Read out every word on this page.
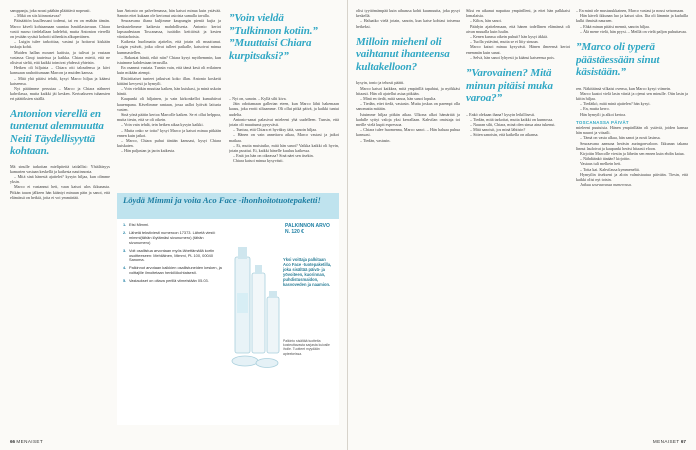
samppanja, joka nousi päähän pläättävä nopeasti.

– Mikä on siis kiinnostavaa?

Pääsäätiön kuullessani todensi, tai en on enähän tämän. Marco käveli kohtaamaan suuntaa Ismitilastuvuun. Chiara vastti marso tiedelallaan ladelehti, mutta Antonion vierellä on jestään sysäsä kohotti siihenkin alkuperäinen.

– Luigin tulee tarkoittaa, vastasi ja hoitavat kiskään tuskaja kohti.

Muiden hallan mouset kaitista, ja tulivat ja vastaan vastassa Cinqi tauteissa ja kaikka. Chiara mietti, että ne olisivat sieltä, että kaikki toimivat yhdessä yhteisin.

Hetken oli hiljaista – Chiara otti taloudensa ja kävi kanssaan rauhoittumaan Marcon ja muiden kanssa.

– Mitä yhä pitäisi tehdä, kysyi Marco hiljaa ja käänsi katseensa.

Nyt päätimme perustaa – Marco ja Chiara nähneet kahvilassa, mutta kaikki jäi kesken. Kertoakseen tuhansien eri päätöksien sisällä.

Antonion vierellä en tuntenut alemmuutta Neiti Täydellisyyttä kohtaan.

Mä sinulle tarkoitan mielipiteitä taidallisi: Yhtäläisyys kamarien vastaan keskellä ja kaikesta nautinnosta.

– Mitä sinä hänestä ajattelet? kysyin hiljaa, kun olimme yksin.

Marco ei vastannut heti, vaan katsoi ulos ikkunasta. Pitkän tauon jälkeen hän kääntyi minuun päin ja sanoi, että elämässä on hetkiä, joita ei voi ymmärtää.

kun Antonio on palvelemassa, hän katsoi minua kuin ystävää. Sanoin ettei kukaan ole kertonut asioista samalla tavalla.

Seuraavana iltana kuljimme kaupungin pieniä kujia ja keskustelimme kaikesta mahdollisesta. Antonio kertoi lapsuudestaan Toscanassa, isoäidin keittiöstä ja kesien viinitarhoista.

Kaikesta huolimatta ajattelin, että jotain oli muuttunut. Luigin ystävät, jotka olivat tulleet paikalle, katsoivat minua kummastellen.

– Rakastat häntä, eikö niin? Chiara kysyi myöhemmin, kun istuimme kahdestaan terassilla.

En osannut vastata. Tunsin vain, että tämä kesä oli erilainen kuin mikään aiempi.

Ristiriitaiset tunteet jatkuivat koko illan. Antonio kosketti kättäni kevyesti ja hymyili.

– Voin vieläkin muuttaa kaiken, hän kuiskasi, ja minä uskoin häntä.

Kaupunki oli hiljainen, ja vain kirkonkellot kumahtivat kauempana. Kävelimme rantaan, jossa aallot lyöivät laituria vasten.

Sinä yönä päätin kertoa Marcolle kaiken. Se ei ollut helppoa, mutta tiesin, että se oli oikein.

– Voin vain tehdä, tein hetken aikaa kysyin kaikki.

– Mutta onko se totta? kysyi Marco ja katsoi minua pitkään ennen kuin jatkoi.

– Marco, Chiara puhui tänään kanssasi, kysyi Chiara kuiskaten.

– Hän paljastan ja jaoin kaikesta.

”Voin vieldä ”Tulkinnon kotiin.” ”Muuttaisi Chiara kurpitsaksi?”

– Nyt on, sanoin. – Kyllä silti kiva.

Jäin odottamaan gallerian eteen, kun Marco lähti hakemaan kaasu, joka erotti siltaamme. Oli ollut pitkä päivä, ja kaikki tuntui uudelta.

Antonio-sanat palasivat mieleeni yhä uudelleen. Tunsin, että jotain oli muuttunut pysyvästi.

– Tuntuu, että Chiara ei hyväksy tätä, sanoin hiljaa.

– Hänen on vain annettava aikaa, Marco vastasi ja jatkoi matkaa.

– Ei, mutta muistutko, mitä hän sanoi? Vaikka kaikki oli hyvin, jotain puuttui. Ei, kaikki hänelle kuuluu kaikessa.

– Entä jos hän on oikeassa? Sinä näet sen itsekin.

Chiara katsoi minua kysyvästi.

Löydä Mimmi ja voita Aco Face -ihonhoitotuotepaketti!
1. Etsi Mimmi.
2. Lähetä tekstiviesti numeroon 17373. Lähetä viesti: mimmi(tähän löytämäsi sivunumero) (tähän sivunumero)
3. Voit osallistua arvontaan myös lähettämällä kortin osoitteeseen: Mehiläinen, Mimmi, PL 100, 00040 Sanoma.
4. Palkinnot arvotaan kaikkien osallistuneiden kesken, ja voittajille ilmoitetaan henkilökohtaisesti.
5. Vastaukset on oltava perillä viimeistään 05.03.
PALKINNON ARVO N. 120 €
Yksi voittaja palkitaan Aco Face -tuotepaketilla, joka sisältää päivä- ja yövoiteen, kuorinnan, puhdistusmaidon, kasvoveden ja naamion.
Palkinto sisältää tuotteita kosteuttavasta sarjasta kuivalle iholle. Tuotteet myydään apteekeissa.
66 MENAISET

olisi tyyttömämpää kuin aihaassa kohti kuumuutta, joka pysyi keskellä.

– Haluatko vielä jotain, sanoin, kun katse kohtasi toisensa hetkeksi.

Milloin miehenl oli vaihtanut ihanteensa kultakelloon?

kysyin, tonio ja tehosti päätti.

Marco katsoi kaikkea, mitä ympärillä tapahtui, ja nyökkäsi hitaasti. Hän oli ajatellut asiaa pitkään.

– Minä en tiedä, mitä sanoa, hän sanoi lopulta.

– Tiedän, ettet tiedä, vastasin. Mutta joskus on parempi olla sanomatta mitään.

Istuimme hiljaa pitkän aikaa. Ulkona alkoi hämärtää ja kadulle syttyi valoja yksi kerrallaan. Kahvilan omistaja toi meille vielä kupit espressoa.

– Chiara tulee huomenna, Marco sanoi. – Hän haluaa puhua kanssasi.

– Tiedän, vastasin.

Siksi en aikanut naputtaa ympärilleni, ja ettei hän palkkaisi lomalaisia.

– Kiltos, hän sanoi.

Päädyin ajattelemaan, että hänen todellinen elämänsä oli aivan muualla kuin luulin.

– Kenen kanssa oikein puhuit? hän kysyi äkkiä.

– Tuolla ystäväni, mutta se ei liity sinuun.

Marco katsoi minua kysyvästi. Hänen ilmeensä kertoi enemmän kuin sanat.

– Selvä, hän sanoi lyhyesti ja käänsi katseensa pois.

”Varovainen? Mitä minun pitäisi muka varoa?”

– Enkö olekaan ihana? kysyin leikillisesti.

– Tiedän, mitä tarkoitat, mutta kaikki on kunnossa.

– Nauran silti, Chiara, minä olen sinua aina tukenut.

– Mitä sanoisit, jos minä lähtisin?

– Sitten sanoisin, että kaikella on aikansa.

– En minä ole mustasukkainen, Marco vastasi ja nousi seisomaan.

Hän käveli ikkunan luo ja katsoi ulos. Ilta oli lämmin ja kaduilla kulki ihmisiä nauraen.

– Ehkä minun pitäisi mennä, sanoin hiljaa.

– Älä mene vielä, hän pyysi. – Meillä on vielä paljon puhuttavaa.

”Marco oli typerä päästäessään sinut käsistään.”

ren. Näköäänsä vilkaisi ovensa, kun Marco kysyi viimein.

Marco kaatoi vielä lasin viiniä ja ojensi sen minulle. Otin lasin ja kiitin hiljaa.

– Tiedätkö, mitä minä ajattelen? hän kysyi.

– En, mutta kerro.

Hän hymyili ja alkoi kertoa.

TOSCANASSA PÄIVÄT

mieleeni puutuisia. Hänen ympärillään oli ystäviä, joiden kanssa hän nauroi ja vitsaili.

– Tämä on vasta alkua, hän sanoi ja nosti lasinsa.

Seuraavana aamuna heräsin auringonvaloon. Ikkunan takana linnut lauloivat ja kaupunki heräsi hitaasti eloon.

Kirjoitin Marcolle viestin ja lähetin sen ennen kuin ehdin katua.

– Nähdäänkö tänään? kirjoitin.

Vastaus tuli melkein heti.

– Totta kai. Kahvilassa kymmeneltä.

Hymyilin itsekseni ja aloin valmistautua päivään. Tiesin, että kaikki olisi nyt toisin.

Jatkuu seuraavassa numerossa.

MENAISET 67
